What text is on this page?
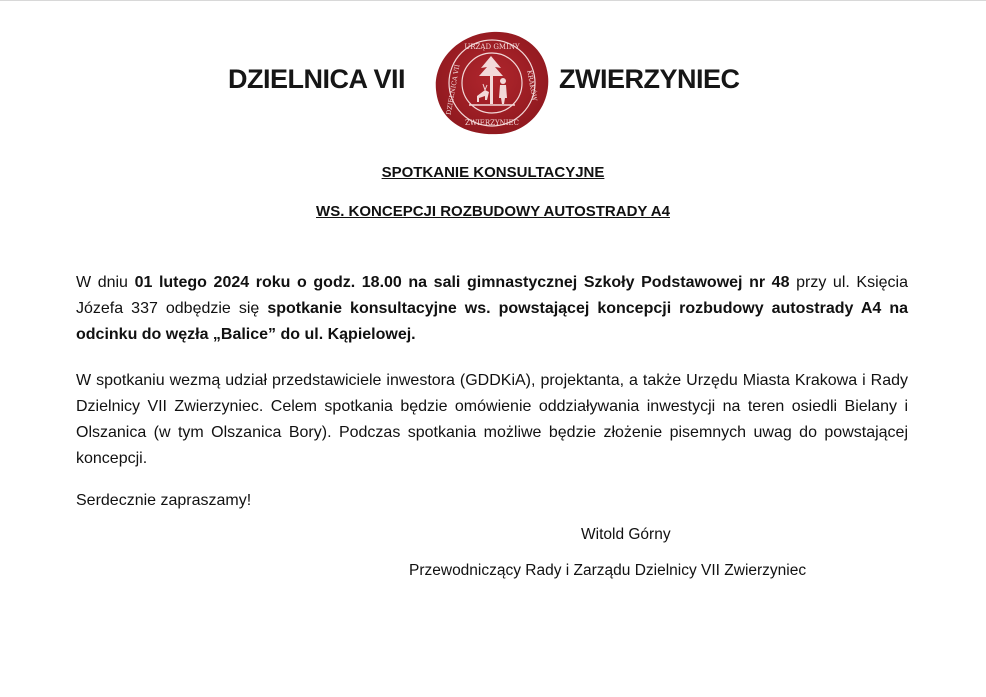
DZIELNICA VII
URZĄD GMINY
ZWIERZYNIEC
DZIELNICA VII	KRAKÓW ZWIERZYNIEC
SPOTKANIE KONSULTACYJNE
WS. KONCEPCJI ROZBUDOWY AUTOSTRADY A4
W dniu 01 lutego 2024 roku o godz. 18.00 na sali gimnastycznej Szkoły Podstawowej nr 48 przy ul. Księcia Józefa 337 odbędzie się spotkanie konsultacyjne ws. powstającej koncepcji rozbudowy autostrady A4 na odcinku do węzła „Balice” do ul. Kąpielowej.
W spotkaniu wezmą udział przedstawiciele inwestora (GDDKiA), projektanta, a także Urzędu Miasta Krakowa i Rady Dzielnicy VII Zwierzyniec. Celem spotkania będzie omówienie oddziaływania inwestycji na teren osiedli Bielany i Olszanica (w tym Olszanica Bory). Podczas spotkania możliwe będzie złożenie pisemnych uwag do powstającej koncepcji.
Serdecznie zapraszamy!
Witold Górny
Przewodniczący Rady i Zarządu Dzielnicy VII Zwierzyniec
